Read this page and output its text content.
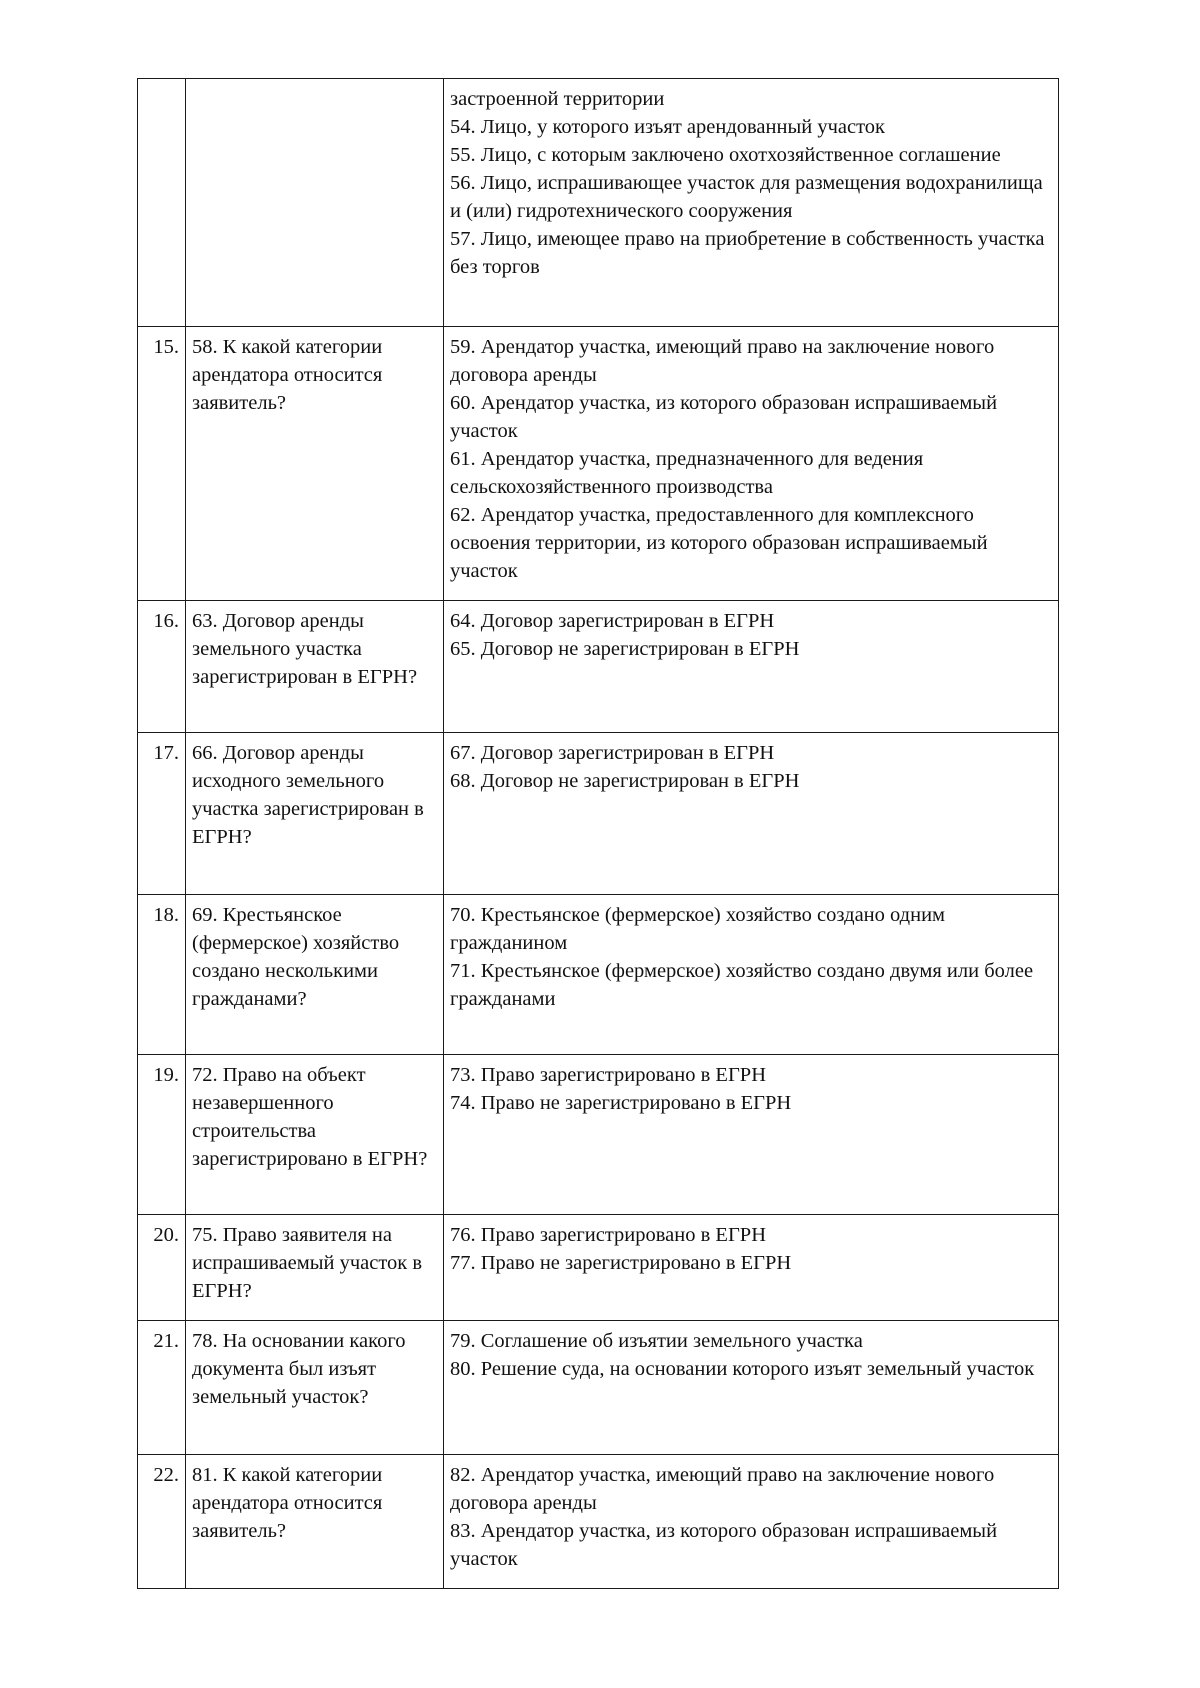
		застроенной территории
54. Лицо, у которого изъят арендованный участок
55. Лицо, с которым заключено охотхозяйственное соглашение
56. Лицо, испрашивающее участок для размещения водохранилища и (или) гидротехнического сооружения
57. Лицо, имеющее право на приобретение в собственность участка без торгов

15.	58. К какой категории арендатора относится заявитель?	59. Арендатор участка, имеющий право на заключение нового договора аренды
60. Арендатор участка, из которого образован испрашиваемый участок
61. Арендатор участка, предназначенного для ведения сельскохозяйственного производства
62. Арендатор участка, предоставленного для комплексного освоения территории, из которого образован испрашиваемый участок

16.	63. Договор аренды земельного участка зарегистрирован в ЕГРН?	64. Договор зарегистрирован в ЕГРН
65. Договор не зарегистрирован в ЕГРН

17.	66. Договор аренды исходного земельного участка зарегистрирован в ЕГРН?	67. Договор зарегистрирован в ЕГРН
68. Договор не зарегистрирован в ЕГРН

18.	69. Крестьянское (фермерское) хозяйство создано несколькими гражданами?	70. Крестьянское (фермерское) хозяйство создано одним гражданином
71. Крестьянское (фермерское) хозяйство создано двумя или более гражданами

19.	72. Право на объект незавершенного строительства зарегистрировано в ЕГРН?	73. Право зарегистрировано в ЕГРН
74. Право не зарегистрировано в ЕГРН

20.	75. Право заявителя на испрашиваемый участок в ЕГРН?	76. Право зарегистрировано в ЕГРН
77. Право не зарегистрировано в ЕГРН

21.	78. На основании какого документа был изъят земельный участок?	79. Соглашение об изъятии земельного участка
80. Решение суда, на основании которого изъят земельный участок

22.	81. К какой категории арендатора относится заявитель?	82. Арендатор участка, имеющий право на заключение нового договора аренды
83. Арендатор участка, из которого образован испрашиваемый участок
